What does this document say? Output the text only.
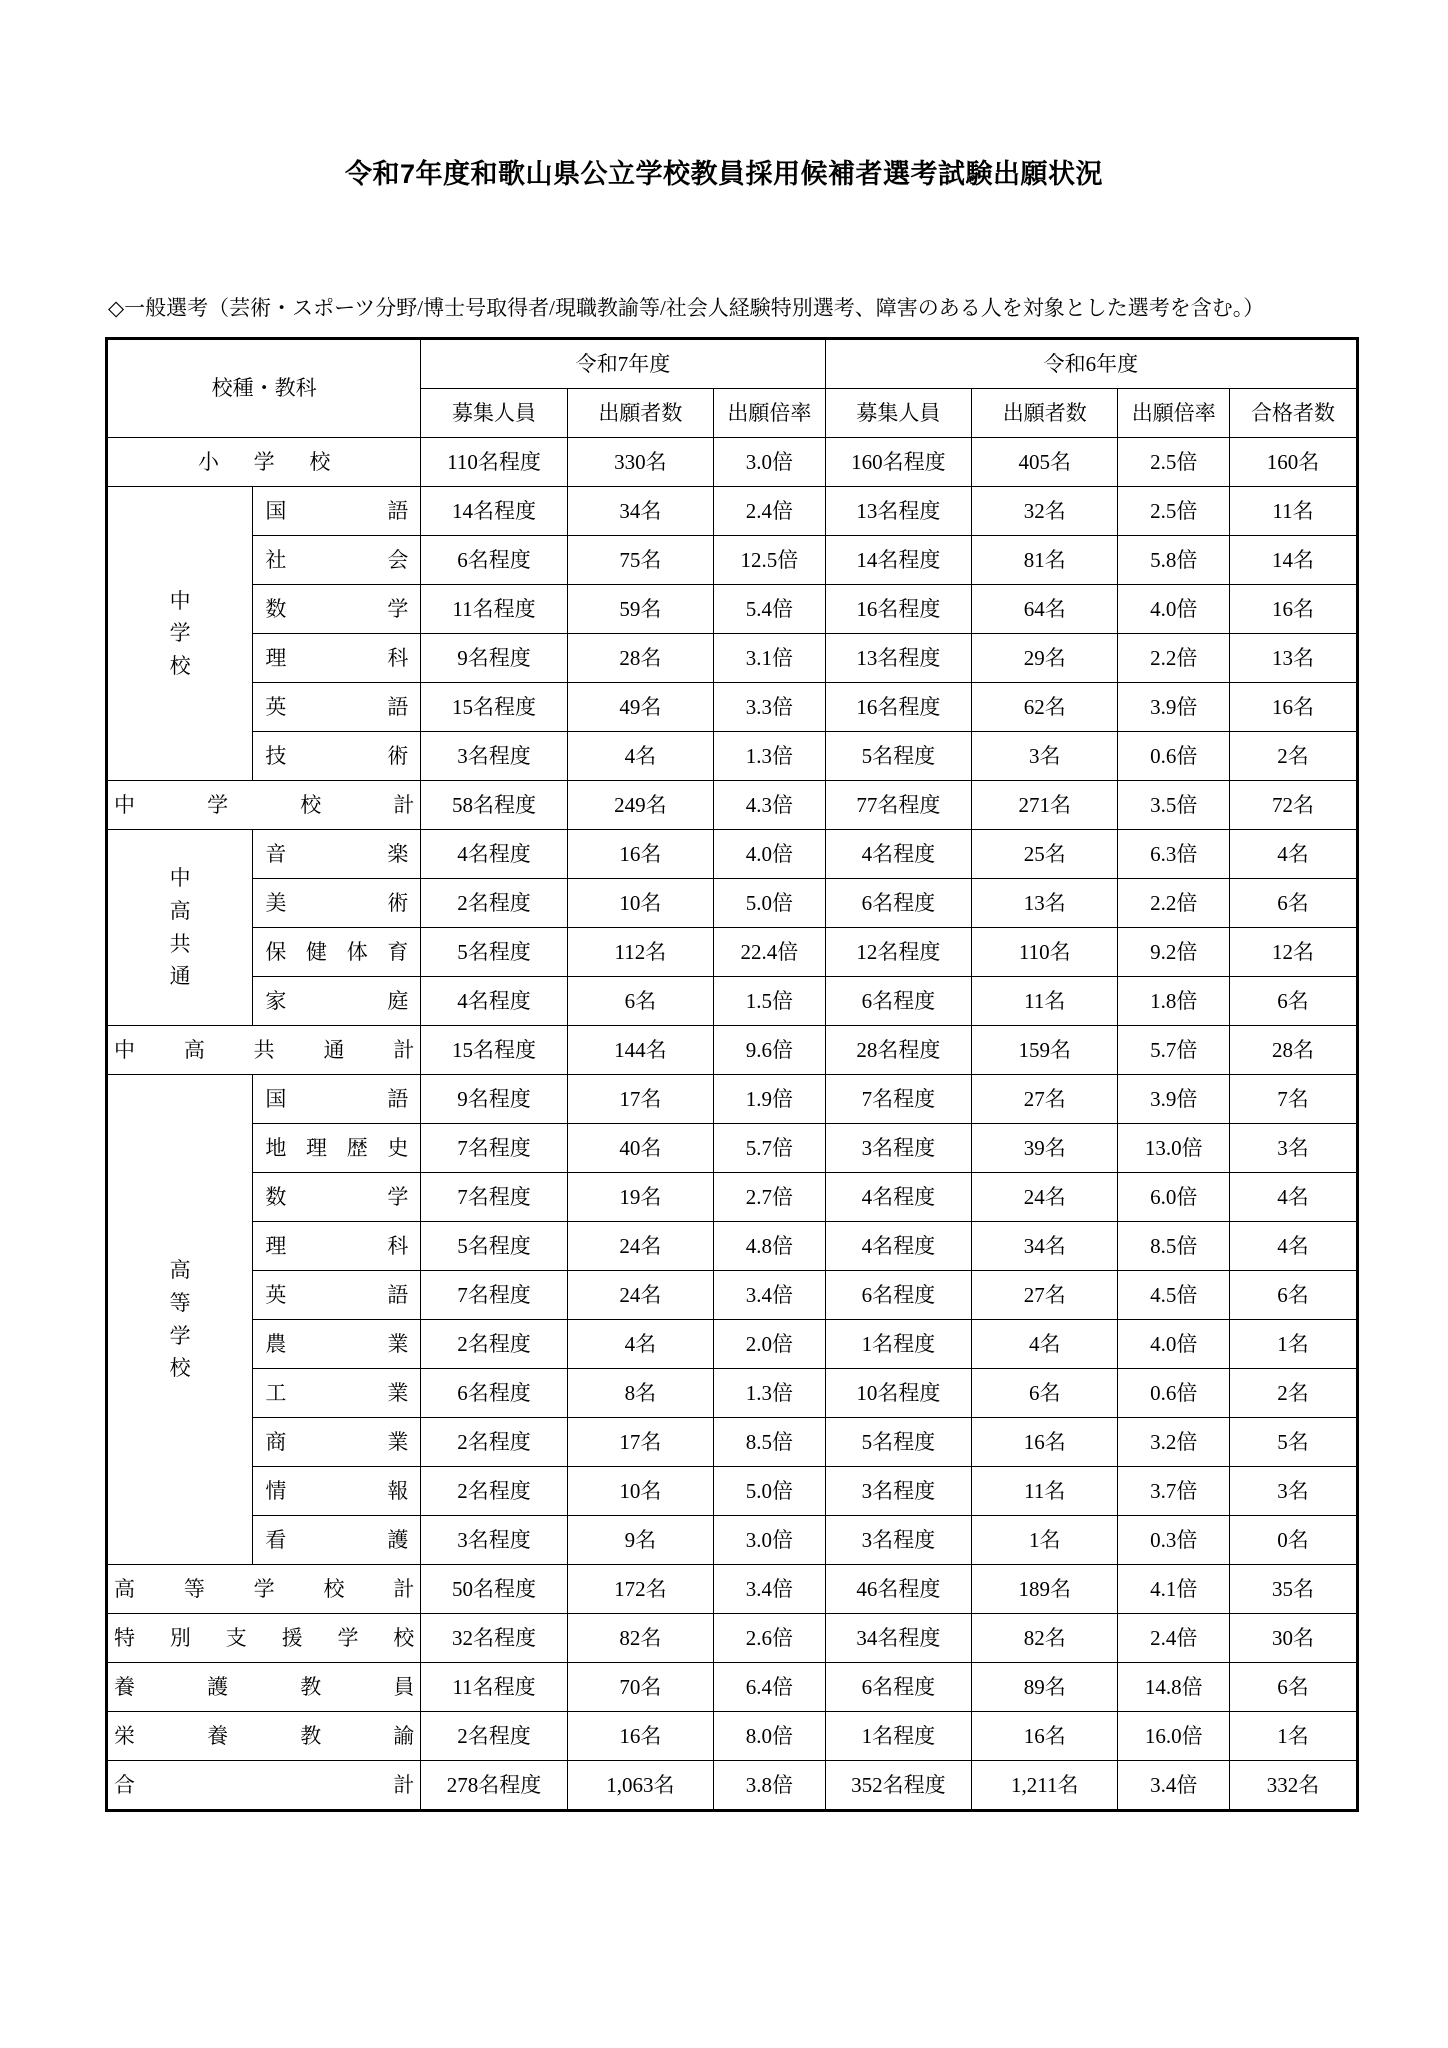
令和7年度和歌山県公立学校教員採用候補者選考試験出願状況
◇一般選考（芸術・スポーツ分野/博士号取得者/現職教諭等/社会人経験特別選考、障害のある人を対象とした選考を含む。）
校種・教科		令和7年度			令和6年度			
		募集人員	出願者数	出願倍率	募集人員	出願者数	出願倍率	合格者数

小 学 校		110名程度	330名	3.0倍	160名程度	405名	2.5倍	160名

中
学
校	国 語	14名程度	34名	2.4倍	13名程度	32名	2.5倍	11名

	社 会	6名程度	75名	12.5倍	14名程度	81名	5.8倍	14名

	数 学	11名程度	59名	5.4倍	16名程度	64名	4.0倍	16名

	理 科	9名程度	28名	3.1倍	13名程度	29名	2.2倍	13名

	英 語	15名程度	49名	3.3倍	16名程度	62名	3.9倍	16名

	技 術	3名程度	4名	1.3倍	5名程度	3名	0.6倍	2名

中 学 校 計		58名程度	249名	4.3倍	77名程度	271名	3.5倍	72名

中
高
共
通	音 楽	4名程度	16名	4.0倍	4名程度	25名	6.3倍	4名

	美 術	2名程度	10名	5.0倍	6名程度	13名	2.2倍	6名

	保 健 体 育	5名程度	112名	22.4倍	12名程度	110名	9.2倍	12名

	家 庭	4名程度	6名	1.5倍	6名程度	11名	1.8倍	6名

中 高 共 通 計		15名程度	144名	9.6倍	28名程度	159名	5.7倍	28名

高
等
学
校	国 語	9名程度	17名	1.9倍	7名程度	27名	3.9倍	7名

	地 理 歴 史	7名程度	40名	5.7倍	3名程度	39名	13.0倍	3名

	数 学	7名程度	19名	2.7倍	4名程度	24名	6.0倍	4名

	理 科	5名程度	24名	4.8倍	4名程度	34名	8.5倍	4名

	英 語	7名程度	24名	3.4倍	6名程度	27名	4.5倍	6名

	農 業	2名程度	4名	2.0倍	1名程度	4名	4.0倍	1名

	工 業	6名程度	8名	1.3倍	10名程度	6名	0.6倍	2名

	商 業	2名程度	17名	8.5倍	5名程度	16名	3.2倍	5名

	情 報	2名程度	10名	5.0倍	3名程度	11名	3.7倍	3名

	看 護	3名程度	9名	3.0倍	3名程度	1名	0.3倍	0名

高 等 学 校 計		50名程度	172名	3.4倍	46名程度	189名	4.1倍	35名

特 別 支 援 学 校	32名程度	82名	2.6倍	34名程度	82名	2.4倍	30名

養 護 教 員		11名程度	70名	6.4倍	6名程度	89名	14.8倍	6名

栄 養 教 諭		2名程度	16名	8.0倍	1名程度	16名	16.0倍	1名

合 計		278名程度	1,063名	3.8倍	352名程度	1,211名	3.4倍	332名
